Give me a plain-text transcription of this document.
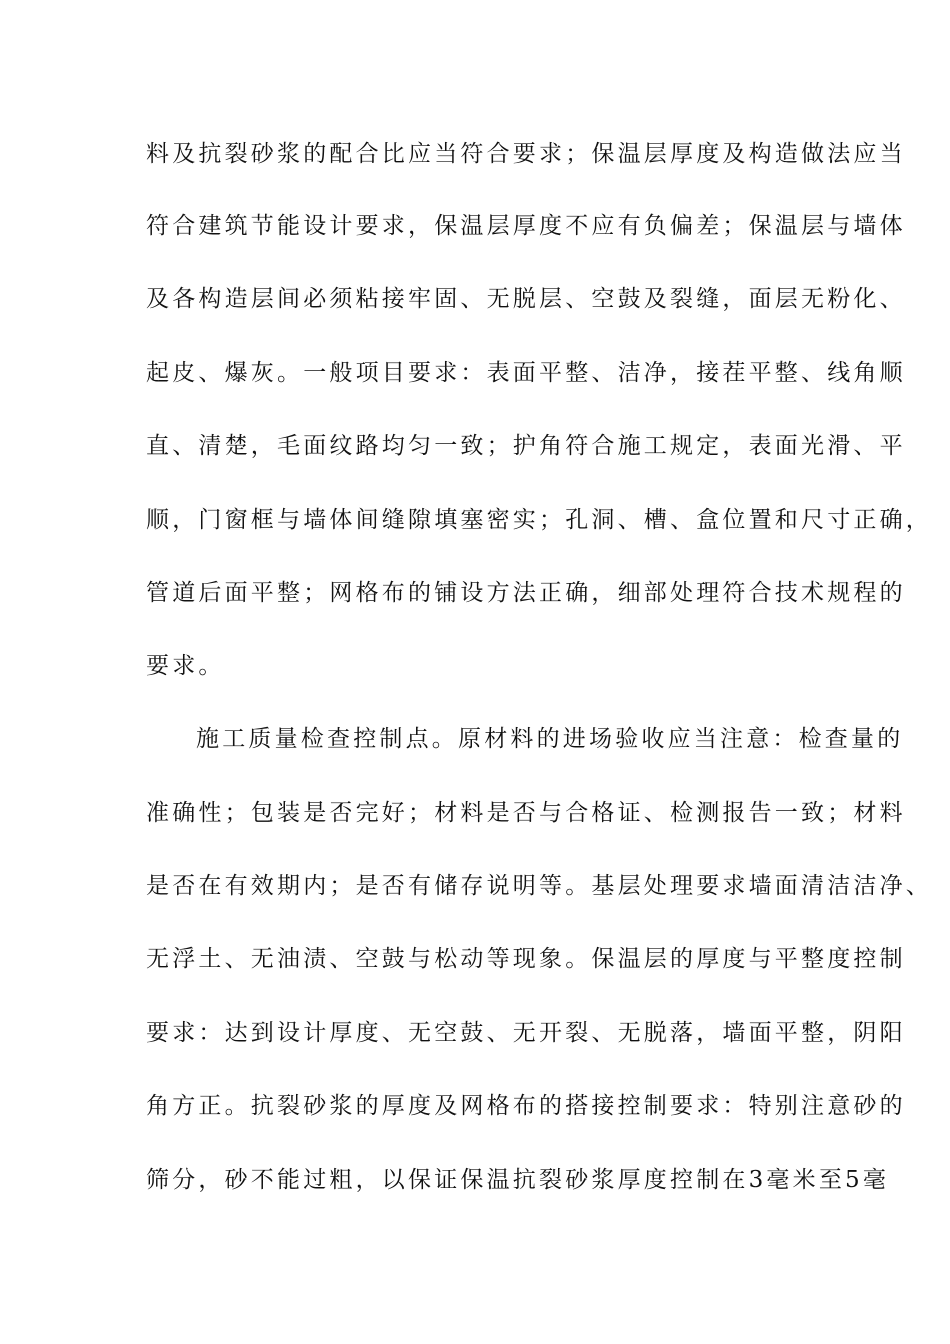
料及抗裂砂浆的配合比应当符合要求；保温层厚度及构造做法应当
符合建筑节能设计要求，保温层厚度不应有负偏差；保温层与墙体
及各构造层间必须粘接牢固、无脱层、空鼓及裂缝，面层无粉化、
起皮、爆灰。一般项目要求：表面平整、洁净，接茬平整、线角顺
直、清楚，毛面纹路均匀一致；护角符合施工规定，表面光滑、平
顺，门窗框与墙体间缝隙填塞密实；孔洞、槽、盒位置和尺寸正确，
管道后面平整；网格布的铺设方法正确，细部处理符合技术规程的
要求。
施工质量检查控制点。原材料的进场验收应当注意：检查量的
准确性；包装是否完好；材料是否与合格证、检测报告一致；材料
是否在有效期内；是否有储存说明等。基层处理要求墙面清洁洁净、
无浮土、无油渍、空鼓与松动等现象。保温层的厚度与平整度控制
要求：达到设计厚度、无空鼓、无开裂、无脱落，墙面平整，阴阳
角方正。抗裂砂浆的厚度及网格布的搭接控制要求：特别注意砂的
筛分，砂不能过粗，以保证保温抗裂砂浆厚度控制在3毫米至5毫
